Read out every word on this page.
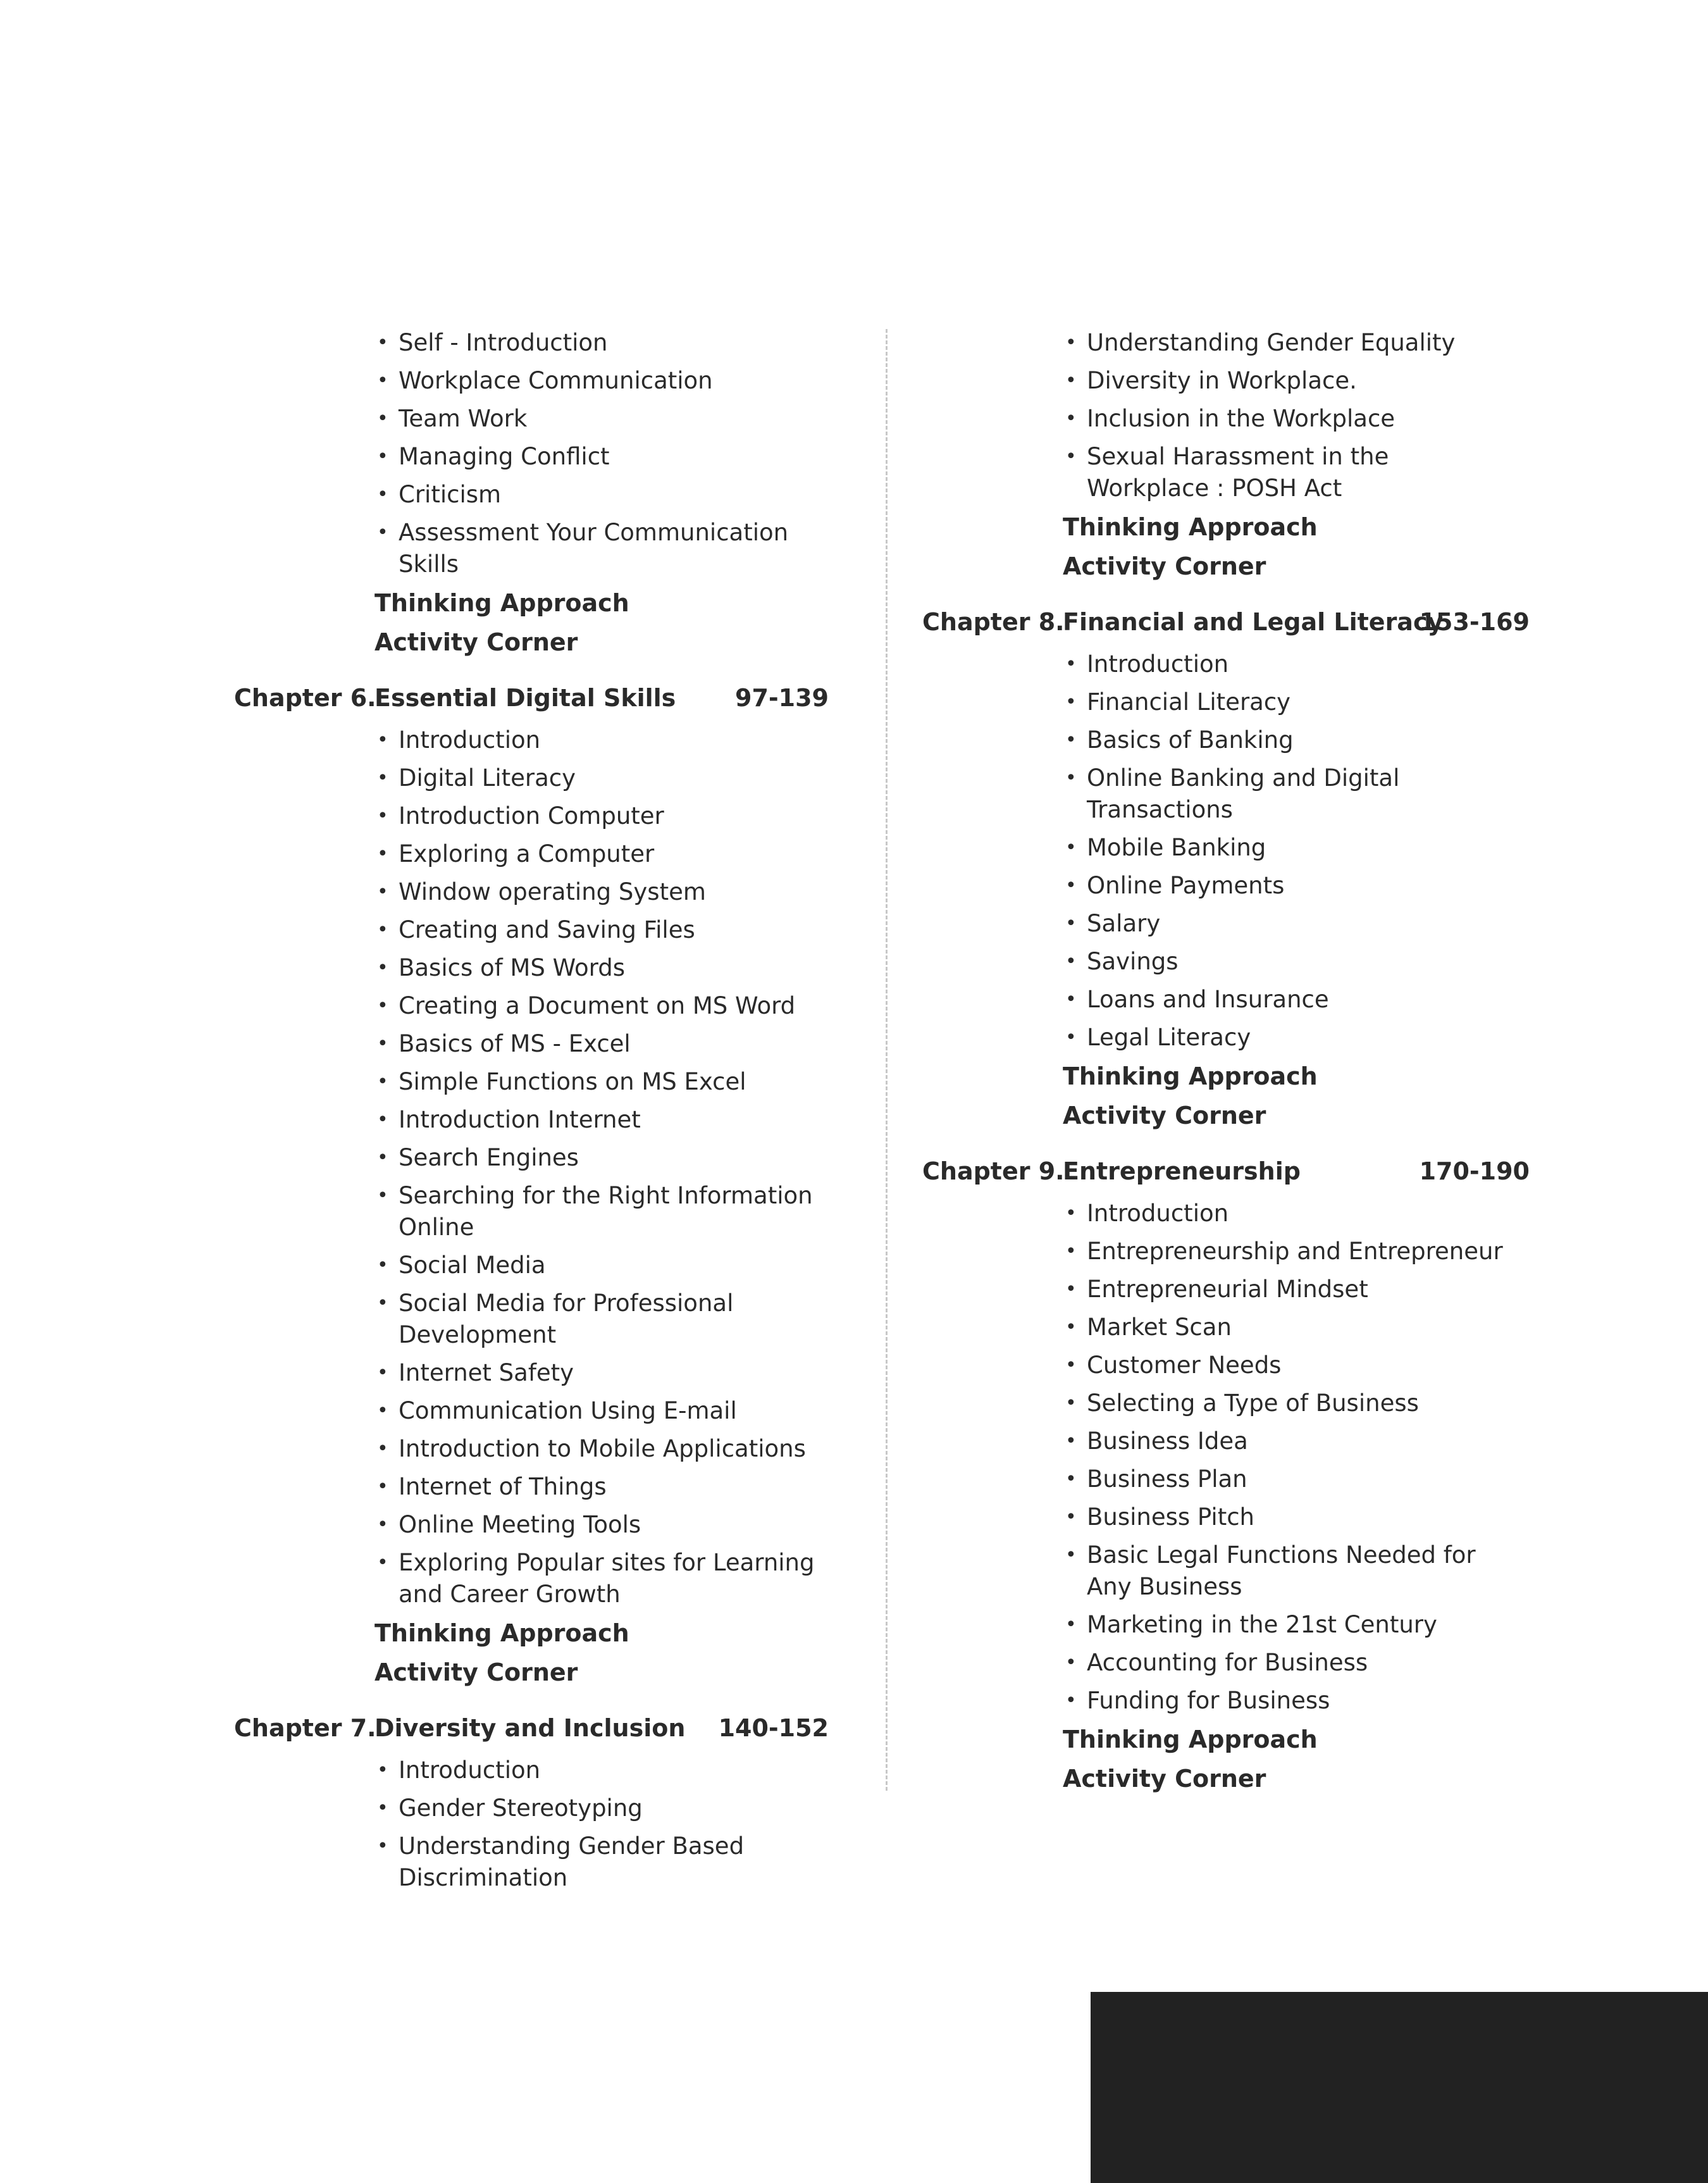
• Self - Introduction
• Workplace Communication
• Team Work
• Managing Conflict
• Criticism
• Assessment Your Communication Skills
Thinking Approach
Activity Corner
Chapter 6.
Essential Digital Skills 97-139
• Introduction
• Digital Literacy
• Introduction Computer
• Exploring a Computer
• Window operating System
• Creating and Saving Files
• Basics of MS Words
• Creating a Document on MS Word
• Basics of MS - Excel
• Simple Functions on MS Excel
• Introduction Internet
• Search Engines
• Searching for the Right Information Online
• Social Media
• Social Media for Professional Development
• Internet Safety
• Communication Using E-mail
• Introduction to Mobile Applications
• Internet of Things
• Online Meeting Tools
• Exploring Popular sites for Learning and Career Growth
Thinking Approach
Activity Corner
Chapter 7.
Diversity and Inclusion 140-152
• Introduction
• Gender Stereotyping
• Understanding Gender Based Discrimination
• Understanding Gender Equality
• Diversity in Workplace.
• Inclusion in the Workplace
• Sexual Harassment in the Workplace : POSH Act
Thinking Approach
Activity Corner
Chapter 8.
Financial and Legal Literacy
153-169
• Introduction
• Financial Literacy
• Basics of Banking
• Online Banking and Digital Transactions
• Mobile Banking
• Online Payments
• Salary
• Savings
• Loans and Insurance
• Legal Literacy
Thinking Approach
Activity Corner
Chapter 9.
Entrepreneurship	170-190
• Introduction
• Entrepreneurship and Entrepreneur
• Entrepreneurial Mindset
• Market Scan
• Customer Needs
• Selecting a Type of Business
• Business Idea
• Business Plan
• Business Pitch
• Basic Legal Functions Needed for Any Business
• Marketing in the 21st Century
• Accounting for Business
• Funding for Business
Thinking Approach
Activity Corner
